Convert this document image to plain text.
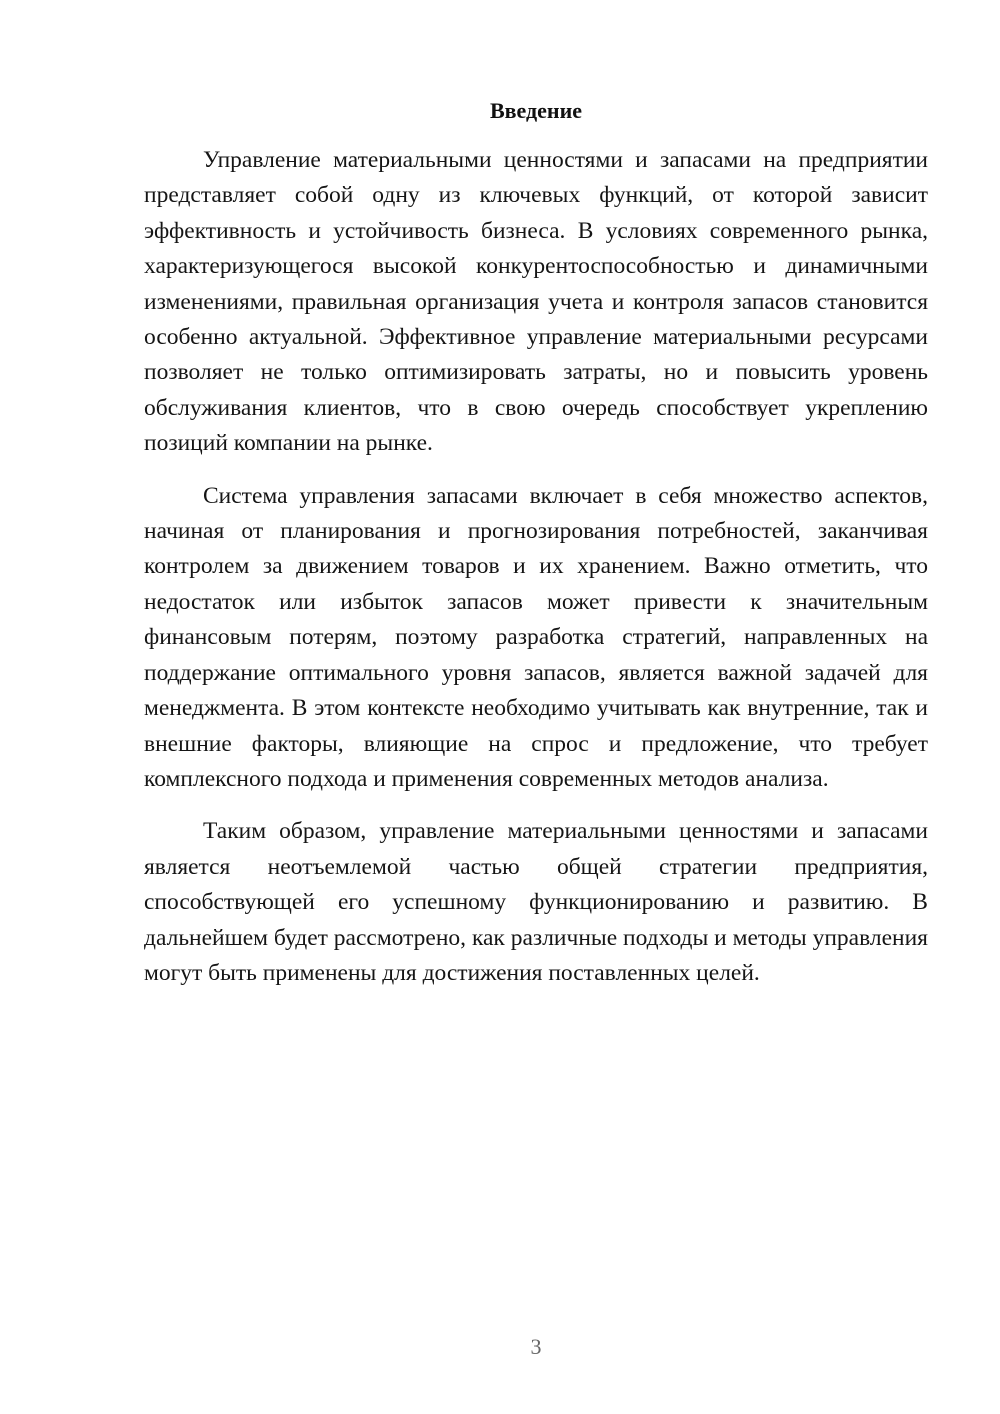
Введение

Управление материальными ценностями и запасами на предприятии представляет собой одну из ключевых функций, от которой зависит эффективность и устойчивость бизнеса. В условиях современного рынка, характеризующегося высокой конкурентоспособностью и динамичными изменениями, правильная организация учета и контроля запасов становится особенно актуальной. Эффективное управление материальными ресурсами позволяет не только оптимизировать затраты, но и повысить уровень обслуживания клиентов, что в свою очередь способствует укреплению позиций компании на рынке.

Система управления запасами включает в себя множество аспектов, начиная от планирования и прогнозирования потребностей, заканчивая контролем за движением товаров и их хранением. Важно отметить, что недостаток или избыток запасов может привести к значительным финансовым потерям, поэтому разработка стратегий, направленных на поддержание оптимального уровня запасов, является важной задачей для менеджмента. В этом контексте необходимо учитывать как внутренние, так и внешние факторы, влияющие на спрос и предложение, что требует комплексного подхода и применения современных методов анализа.

Таким образом, управление материальными ценностями и запасами является неотъемлемой частью общей стратегии предприятия, способствующей его успешному функционированию и развитию. В дальнейшем будет рассмотрено, как различные подходы и методы управления могут быть применены для достижения поставленных целей.

3
